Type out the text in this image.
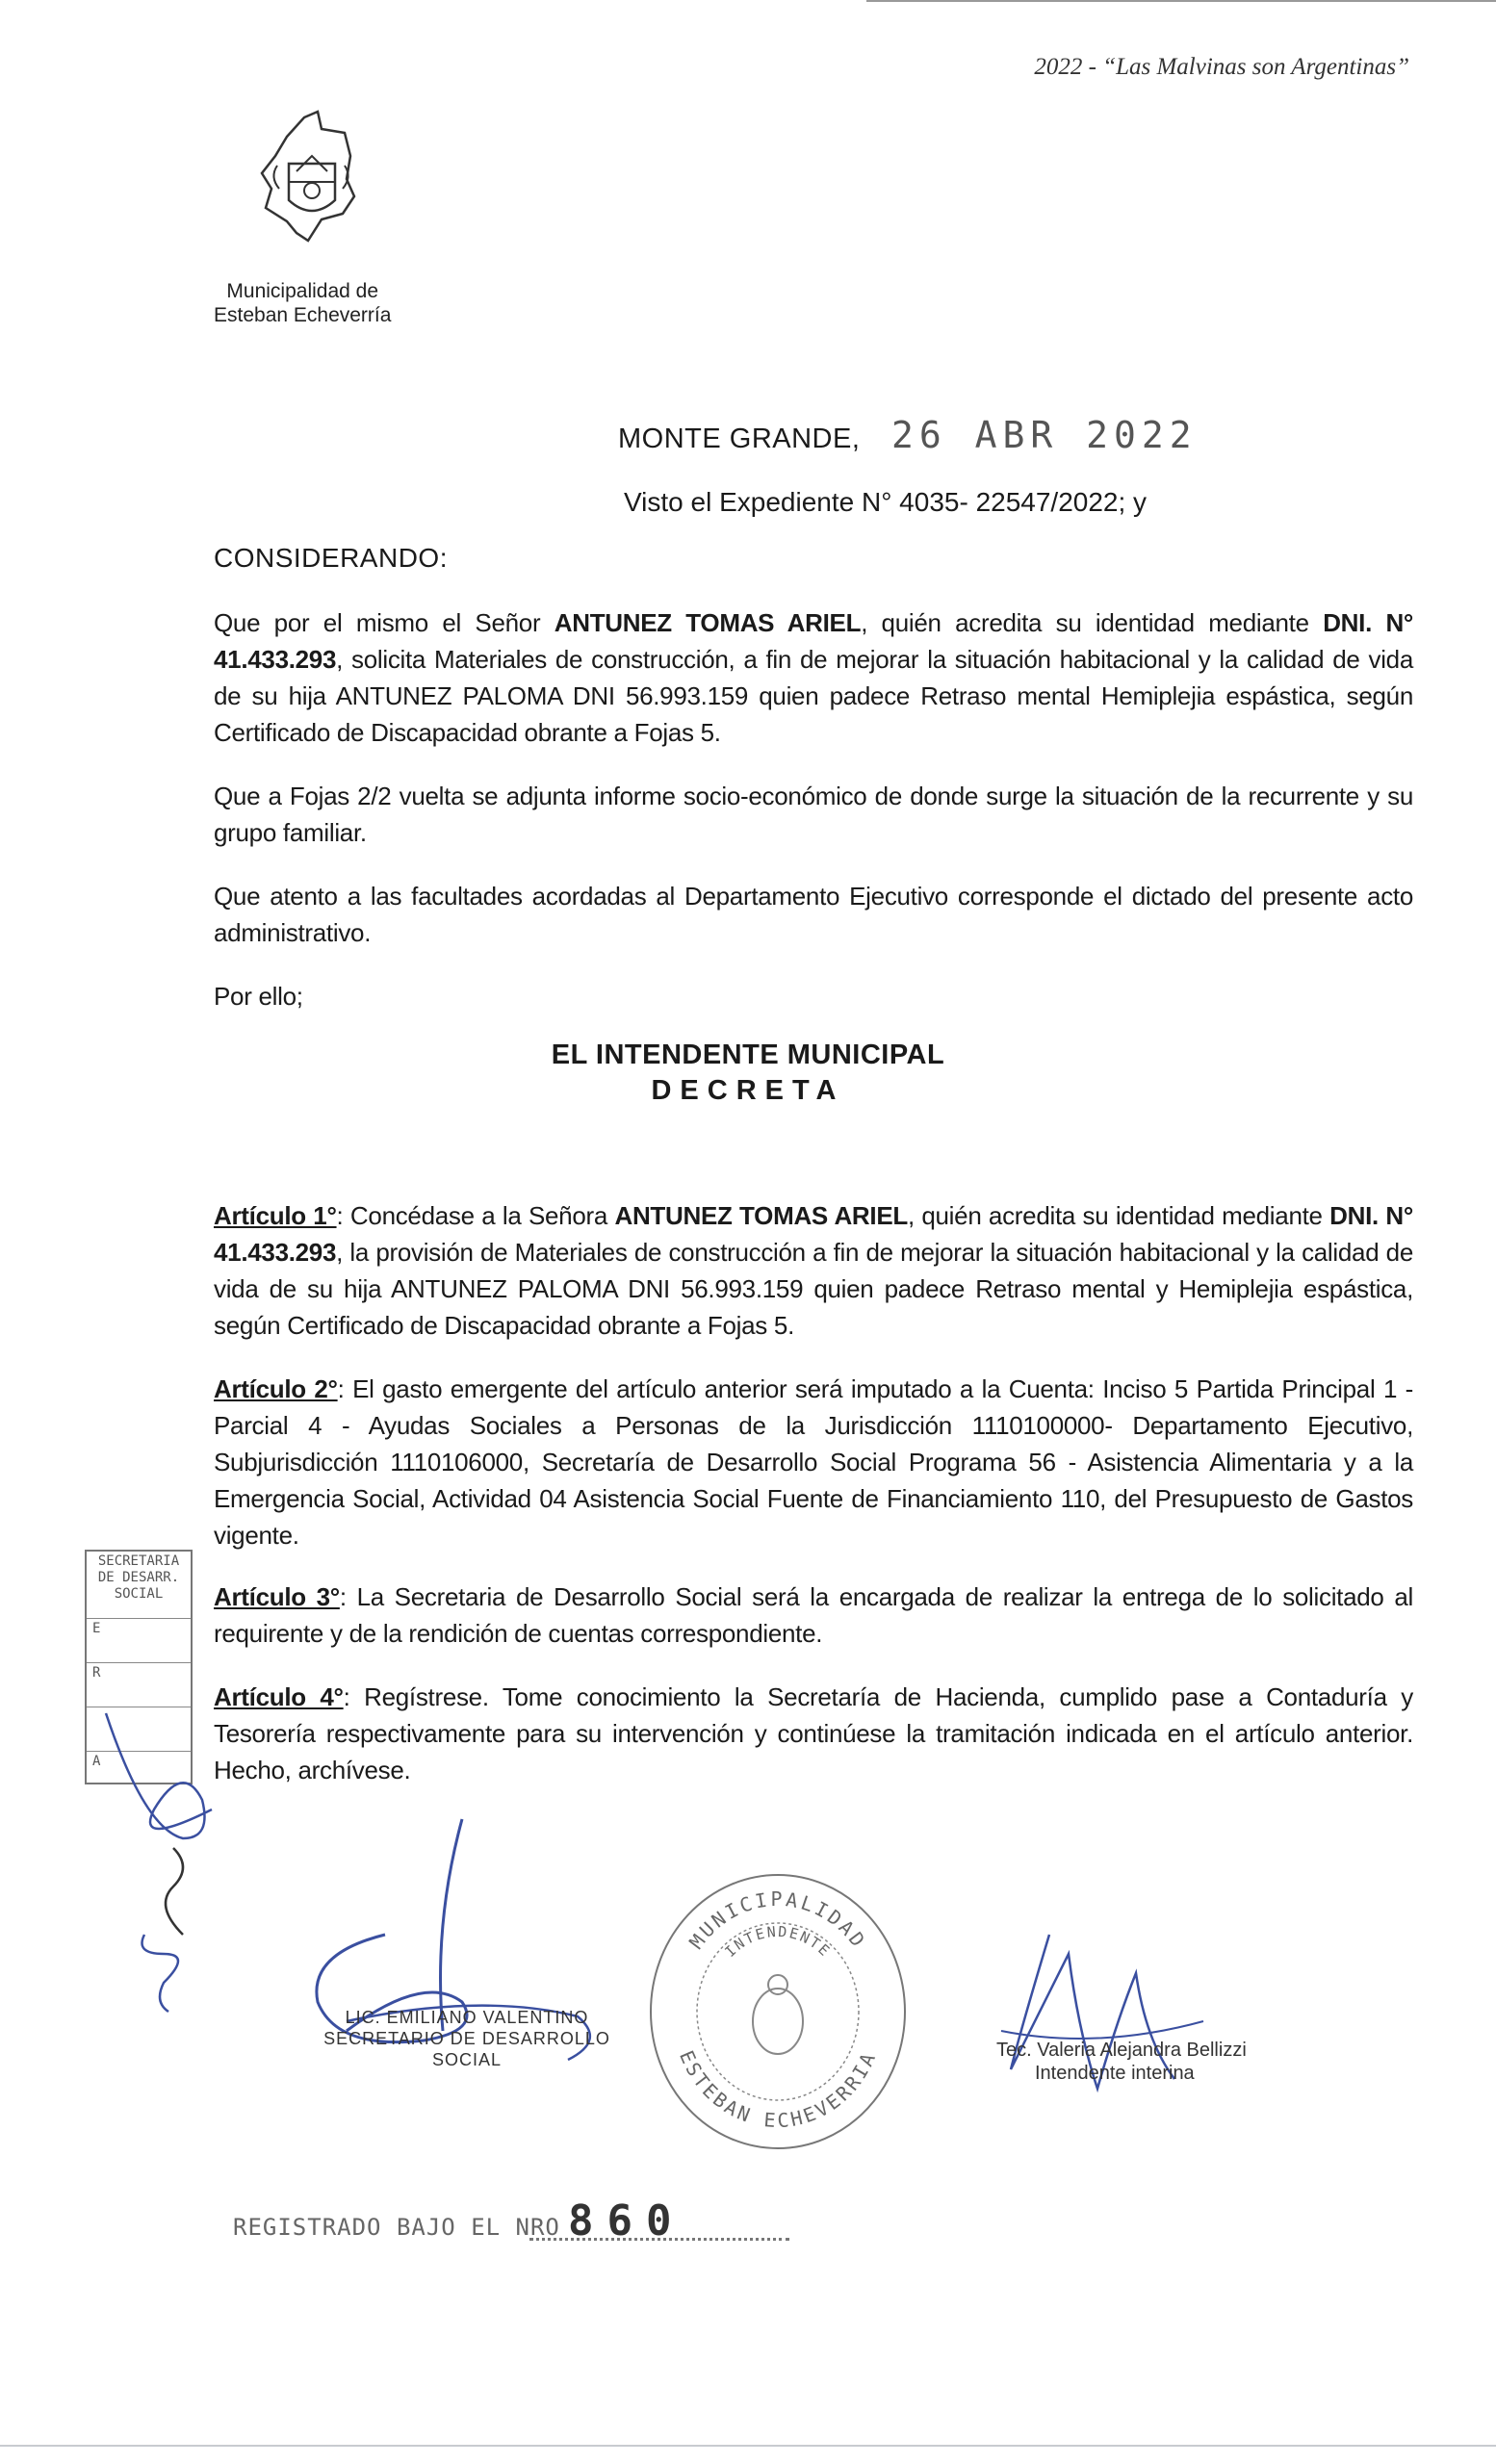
2022 - “Las Malvinas son Argentinas”
Municipalidad de
Esteban Echeverría
MONTE GRANDE, 26 ABR 2022
Visto el Expediente N° 4035- 22547/2022; y
CONSIDERANDO:
Que por el mismo el Señor ANTUNEZ TOMAS ARIEL, quién acredita su identidad mediante DNI. N° 41.433.293, solicita Materiales de construcción, a fin de mejorar la situación habitacional y la calidad de vida de su hija ANTUNEZ PALOMA DNI 56.993.159 quien padece Retraso mental Hemiplejia espástica, según Certificado de Discapacidad obrante a Fojas 5.
Que a Fojas 2/2 vuelta se adjunta informe socio-económico de donde surge la situación de la recurrente y su grupo familiar.
Que atento a las facultades acordadas al Departamento Ejecutivo corresponde el dictado del presente acto administrativo.
Por ello;
EL INTENDENTE MUNICIPAL
DECRETA
Artículo 1°: Concédase a la Señora ANTUNEZ TOMAS ARIEL, quién acredita su identidad mediante DNI. N° 41.433.293, la provisión de Materiales de construcción a fin de mejorar la situación habitacional y la calidad de vida de su hija ANTUNEZ PALOMA DNI 56.993.159 quien padece Retraso mental y Hemiplejia espástica, según Certificado de Discapacidad obrante a Fojas 5.
Artículo 2°: El gasto emergente del artículo anterior será imputado a la Cuenta: Inciso 5 Partida Principal 1 - Parcial 4 - Ayudas Sociales a Personas de la Jurisdicción 1110100000- Departamento Ejecutivo, Subjurisdicción 1110106000, Secretaría de Desarrollo Social Programa 56 - Asistencia Alimentaria y a la Emergencia Social, Actividad 04 Asistencia Social Fuente de Financiamiento 110, del Presupuesto de Gastos vigente.
Artículo 3°: La Secretaria de Desarrollo Social será la encargada de realizar la entrega de lo solicitado al requirente y de la rendición de cuentas correspondiente.
Artículo 4°: Regístrese. Tome conocimiento la Secretaría de Hacienda, cumplido pase a Contaduría y Tesorería respectivamente para su intervención y continúese la tramitación indicada en el artículo anterior. Hecho, archívese.
SECRETARIA
DE DESARR.
SOCIAL
E
R
A
LIC. EMILIANO VALENTINO
SECRETARIO DE DESARROLLO
SOCIAL
MUNICIPALIDAD
INTENDENTE
ESTEBAN ECHEVERRIA	Tec. Valeria Alejandra Bellizzi
Intendente interina
REGISTRADO BAJO EL NRO 860
